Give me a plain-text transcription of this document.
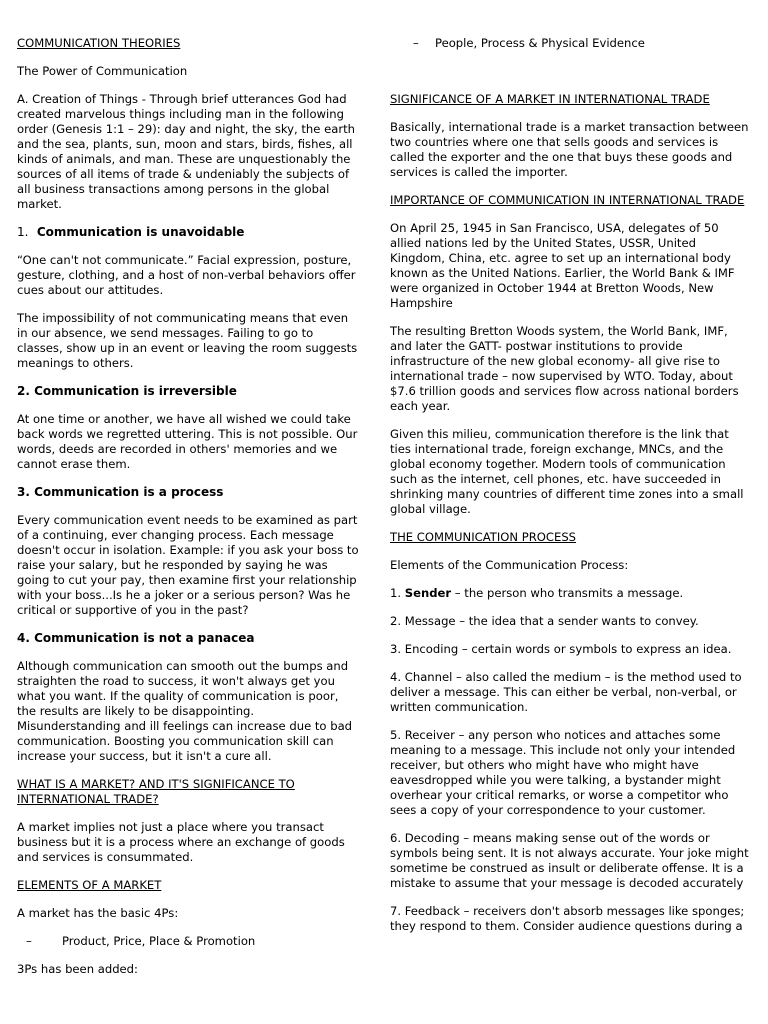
COMMUNICATION THEORIES

The Power of Communication

A. Creation of Things - Through brief utterances God had created marvelous things including man in the following order (Genesis 1:1 – 29): day and night, the sky, the earth and the sea, plants, sun, moon and stars, birds, fishes, all kinds of animals, and man. These are unquestionably the sources of all items of trade & undeniably the subjects of all business transactions among persons in the global market.

1. Communication is unavoidable

“One can't not communicate.” Facial expression, posture, gesture, clothing, and a host of non-verbal behaviors offer cues about our attitudes.

The impossibility of not communicating means that even in our absence, we send messages. Failing to go to classes, show up in an event or leaving the room suggests meanings to others.

2. Communication is irreversible

At one time or another, we have all wished we could take back words we regretted uttering. This is not possible. Our words, deeds are recorded in others' memories and we cannot erase them.

3. Communication is a process

Every communication event needs to be examined as part of a continuing, ever changing process. Each message doesn't occur in isolation. Example: if you ask your boss to raise your salary, but he responded by saying he was going to cut your pay, then examine first your relationship with your boss...Is he a joker or a serious person? Was he critical or supportive of you in the past?

4. Communication is not a panacea

Although communication can smooth out the bumps and straighten the road to success, it won't always get you what you want. If the quality of communication is poor, the results are likely to be disappointing. Misunderstanding and ill feelings can increase due to bad communication. Boosting you communication skill can increase your success, but it isn't a cure all.

WHAT IS A MARKET? AND IT'S SIGNIFICANCE TO INTERNATIONAL TRADE?

A market implies not just a place where you transact business but it is a process where an exchange of goods and services is consummated.

ELEMENTS OF A MARKET

A market has the basic 4Ps:

–	Product, Price, Place & Promotion

3Ps has been added:

–	People, Process & Physical Evidence

SIGNIFICANCE OF A MARKET IN INTERNATIONAL TRADE

Basically, international trade is a market transaction between two countries where one that sells goods and services is called the exporter and the one that buys these goods and services is called the importer.

IMPORTANCE OF COMMUNICATION IN INTERNATIONAL TRADE

On April 25, 1945 in San Francisco, USA, delegates of 50 allied nations led by the United States, USSR, United Kingdom, China, etc. agree to set up an international body known as the United Nations. Earlier, the World Bank & IMF were organized in October 1944 at Bretton Woods, New Hampshire

The resulting Bretton Woods system, the World Bank, IMF, and later the GATT- postwar institutions to provide infrastructure of the new global economy- all give rise to international trade – now supervised by WTO. Today, about $7.6 trillion goods and services flow across national borders each year.

Given this milieu, communication therefore is the link that ties international trade, foreign exchange, MNCs, and the global economy together. Modern tools of communication such as the internet, cell phones, etc. have succeeded in shrinking many countries of different time zones into a small global village.

THE COMMUNICATION PROCESS

Elements of the Communication Process:

1. Sender – the person who transmits a message.

2. Message – the idea that a sender wants to convey.

3. Encoding – certain words or symbols to express an idea.

4. Channel – also called the medium – is the method used to deliver a message. This can either be verbal, non-verbal, or written communication.

5. Receiver – any person who notices and attaches some meaning to a message. This include not only your intended receiver, but others who might have who might have eavesdropped while you were talking, a bystander might overhear your critical remarks, or worse a competitor who sees a copy of your correspondence to your customer.

6. Decoding – means making sense out of the words or symbols being sent. It is not always accurate. Your joke might sometime be construed as insult or deliberate offense. It is a mistake to assume that your message is decoded accurately

7. Feedback – receivers don't absorb messages like sponges; they respond to them. Consider audience questions during a
